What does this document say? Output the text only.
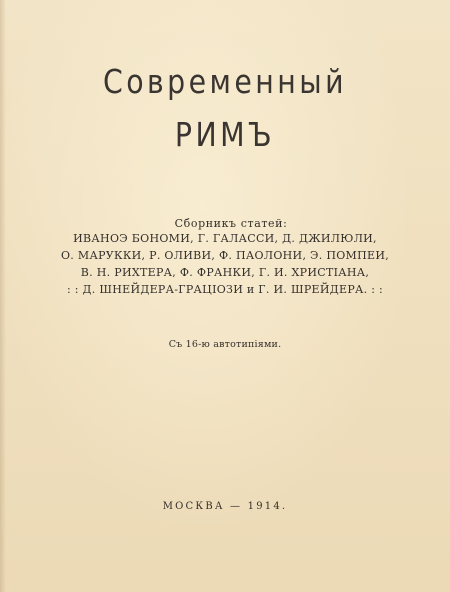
Современный
РИМЪ
Сборникъ статей:
ИВАНОЭ БОНОМИ, Г. ГАЛАССИ, Д. ДЖИЛЮЛИ,
О. МАРУККИ, Р. ОЛИВИ, Ф. ПАОЛОНИ, Э. ПОМПЕИ,
В. Н. РИХТЕРА, Ф. ФРАНКИ, Г. И. ХРИСТІАНА,
: : Д. ШНЕЙДЕРА-ГРАЦІОЗИ и Г. И. ШРЕЙДЕРА. : :
Съ 16-ю автотипіями.
МОСКВА — 1914.
